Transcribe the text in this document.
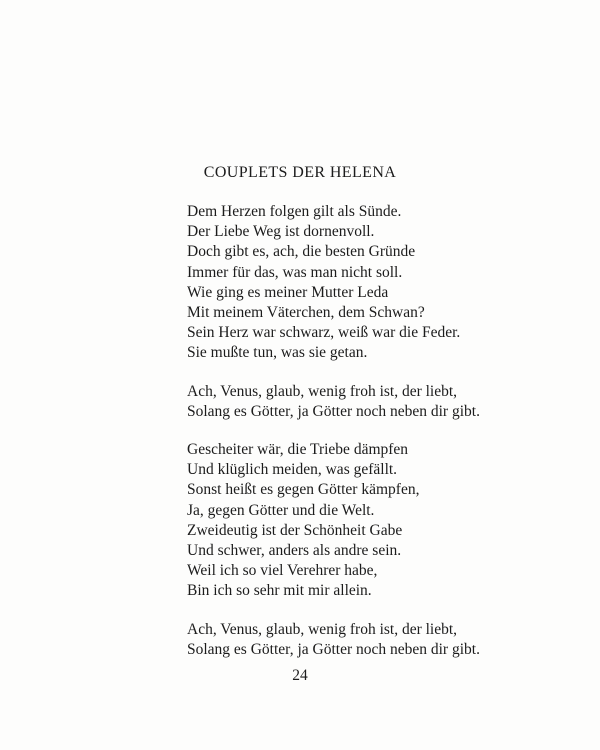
COUPLETS DER HELENA
Dem Herzen folgen gilt als Sünde.
Der Liebe Weg ist dornenvoll.
Doch gibt es, ach, die besten Gründe
Immer für das, was man nicht soll.
Wie ging es meiner Mutter Leda
Mit meinem Väterchen, dem Schwan?
Sein Herz war schwarz, weiß war die Feder.
Sie mußte tun, was sie getan.
Ach, Venus, glaub, wenig froh ist, der liebt,
Solang es Götter, ja Götter noch neben dir gibt.
Gescheiter wär, die Triebe dämpfen
Und klüglich meiden, was gefällt.
Sonst heißt es gegen Götter kämpfen,
Ja, gegen Götter und die Welt.
Zweideutig ist der Schönheit Gabe
Und schwer, anders als andre sein.
Weil ich so viel Verehrer habe,
Bin ich so sehr mit mir allein.
Ach, Venus, glaub, wenig froh ist, der liebt,
Solang es Götter, ja Götter noch neben dir gibt.
24
